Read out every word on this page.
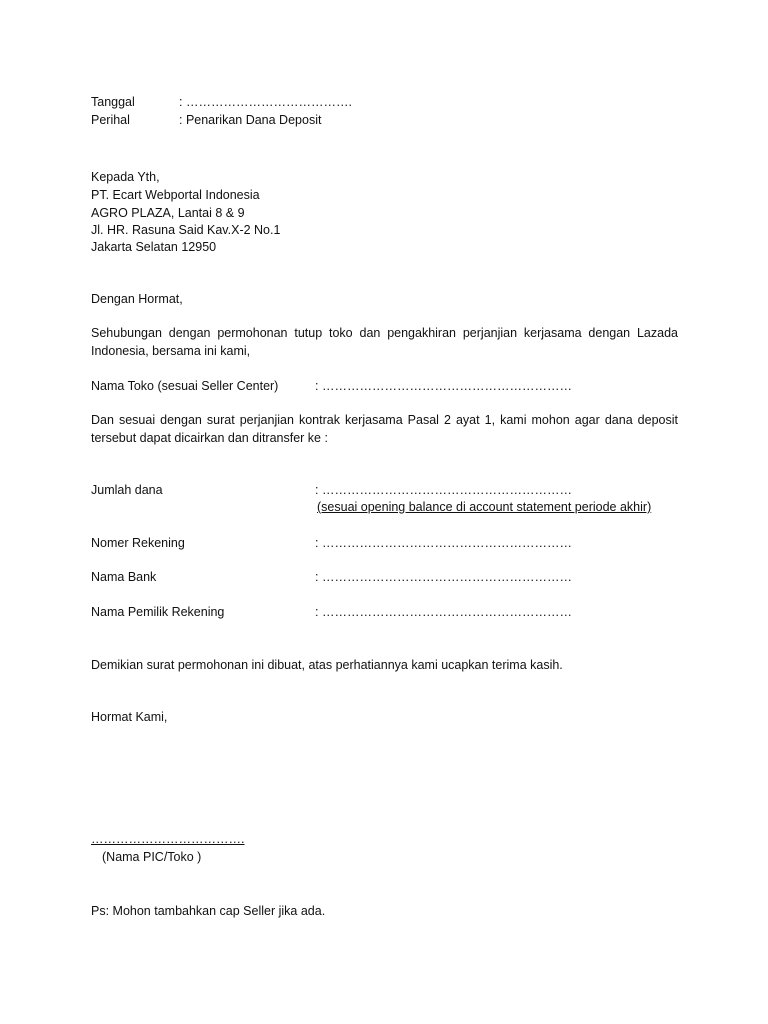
Tanggal	: ………………………………….
Perihal	: Penarikan Dana Deposit
Kepada Yth,
PT. Ecart Webportal Indonesia
AGRO PLAZA, Lantai 8 & 9
Jl. HR. Rasuna Said Kav.X-2 No.1
Jakarta Selatan 12950
Dengan Hormat,
Sehubungan dengan permohonan tutup toko dan pengakhiran perjanjian kerjasama dengan Lazada Indonesia, bersama ini kami,
Nama Toko (sesuai Seller Center)	: ……………………………………………………
Dan sesuai dengan surat perjanjian kontrak kerjasama Pasal 2 ayat 1, kami mohon agar dana deposit tersebut dapat dicairkan dan ditransfer ke :
Jumlah dana	: ……………………………………………………
(sesuai opening balance di account statement periode akhir)
Nomer Rekening	: ……………………………………………………
Nama Bank	: ……………………………………………………
Nama Pemilik Rekening	: ……………………………………………………
Demikian surat permohonan ini dibuat, atas perhatiannya kami ucapkan terima kasih.
Hormat Kami,
……………………………….
(Nama PIC/Toko )
Ps: Mohon tambahkan cap Seller jika ada.
